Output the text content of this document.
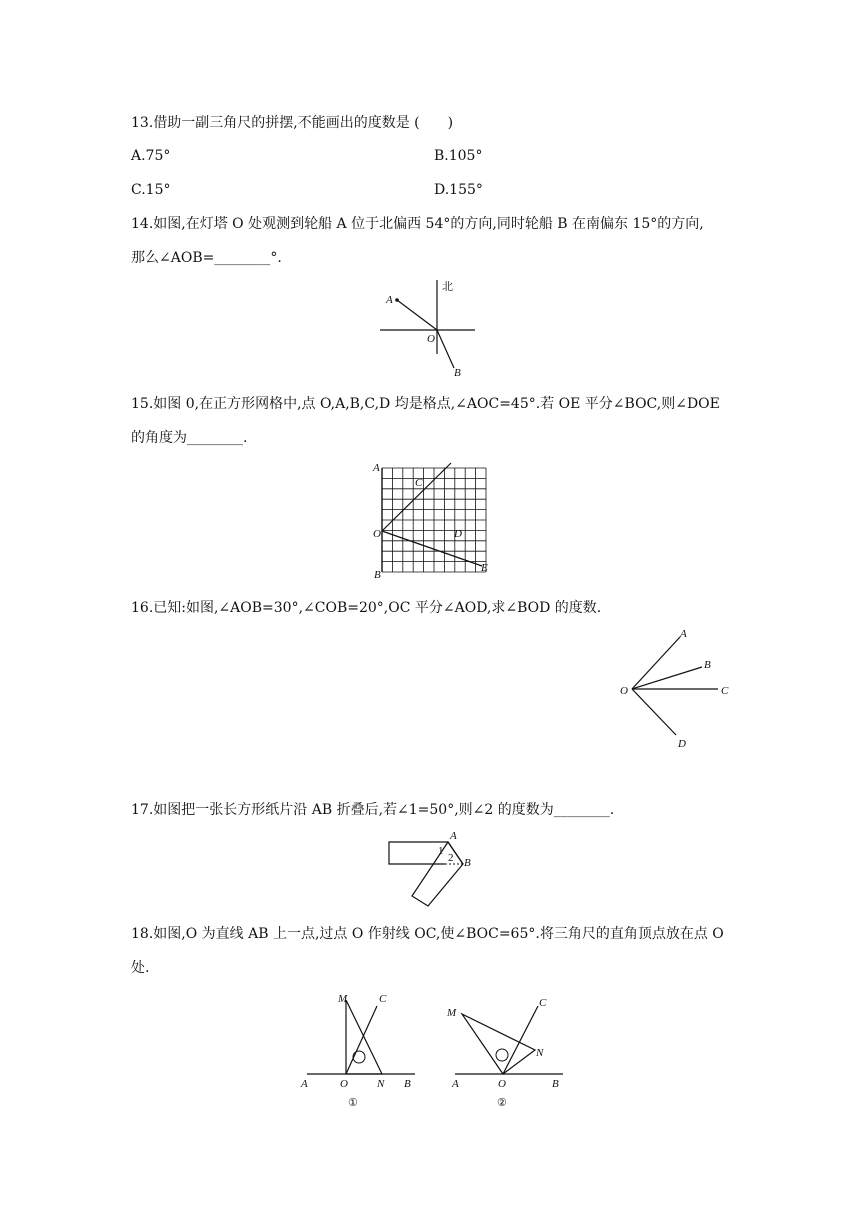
13.借助一副三角尺的拼摆,不能画出的度数是 (　　)
A.75°	B.105°
C.15°	D.155°
14.如图,在灯塔 O 处观测到轮船 A 位于北偏西 54°的方向,同时轮船 B 在南偏东 15°的方向,
那么∠AOB=________°.
北
A
O
B
15.如图 0,在正方形网格中,点 O,A,B,C,D 均是格点,∠AOC=45°.若 OE 平分∠BOC,则∠DOE
的角度为________.
A
C
O	D
B
E
16.已知:如图,∠AOB=30°,∠COB=20°,OC 平分∠AOD,求∠BOD 的度数.
A
B
O	C
D
17.如图把一张长方形纸片沿 AB 折叠后,若∠1=50°,则∠2 的度数为________.
A
1
2 B
18.如图,O 为直线 AB 上一点,过点 O 作射线 OC,使∠BOC=65°.将三角尺的直角顶点放在点 O
处.
M	C
A	O	N B
①
M
C
N
A	O	B
②
